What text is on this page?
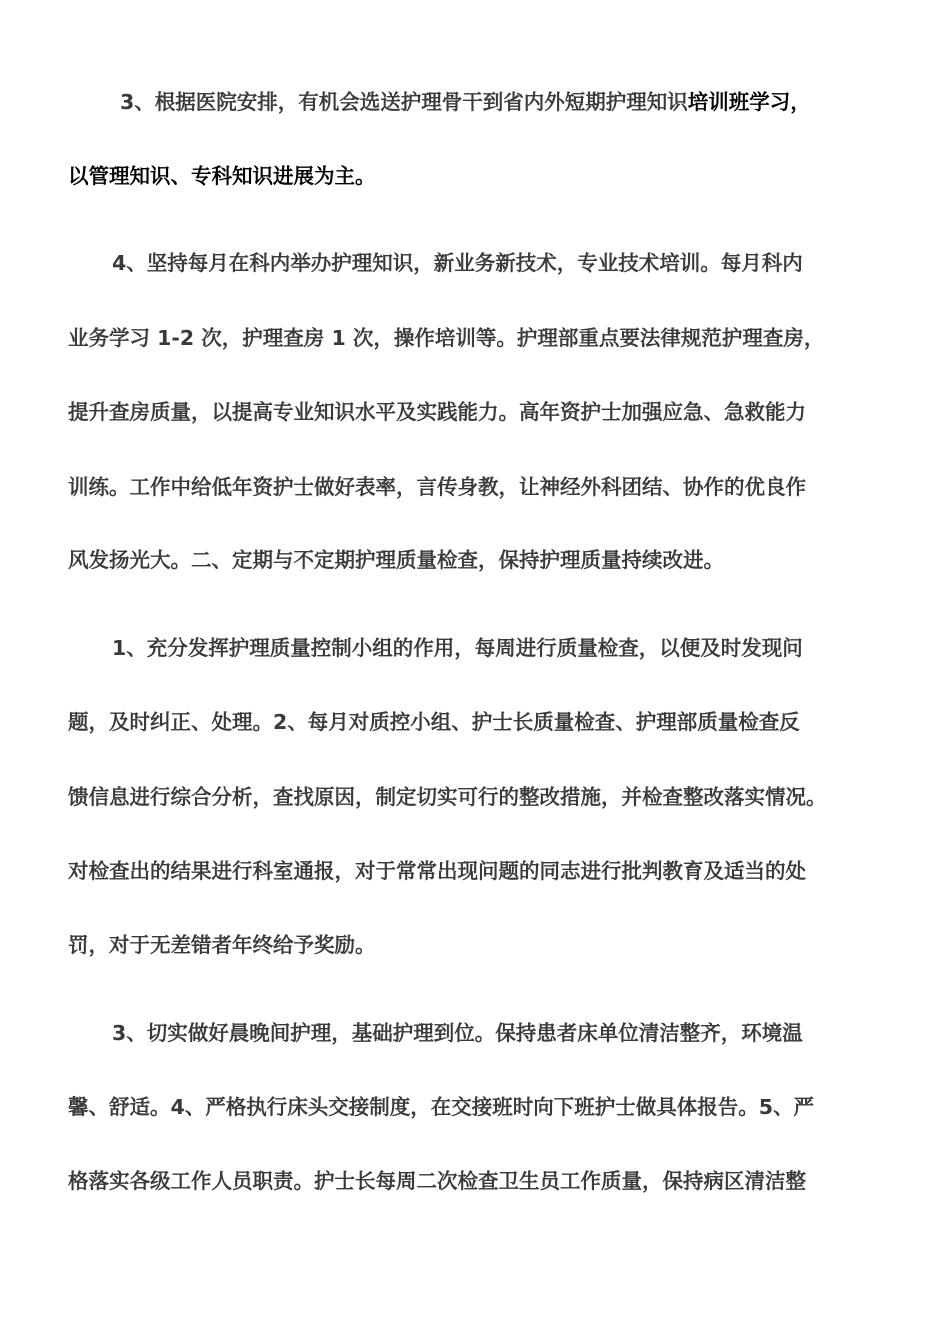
3、根据医院安排，有机会选送护理骨干到省内外短期护理知识培训班学习，
以管理知识、专科知识进展为主。
4、坚持每月在科内举办护理知识，新业务新技术，专业技术培训。每月科内
业务学习 1-2 次，护理查房 1 次，操作培训等。护理部重点要法律规范护理查房，
提升查房质量，以提高专业知识水平及实践能力。高年资护士加强应急、急救能力
训练。工作中给低年资护士做好表率，言传身教，让神经外科团结、协作的优良作
风发扬光大。二、定期与不定期护理质量检查，保持护理质量持续改进。
1、充分发挥护理质量控制小组的作用，每周进行质量检查，以便及时发现问
题，及时纠正、处理。2、每月对质控小组、护士长质量检查、护理部质量检查反
馈信息进行综合分析，查找原因，制定切实可行的整改措施，并检查整改落实情况。
对检查出的结果进行科室通报，对于常常出现问题的同志进行批判教育及适当的处
罚，对于无差错者年终给予奖励。
3、切实做好晨晚间护理，基础护理到位。保持患者床单位清洁整齐，环境温
馨、舒适。4、严格执行床头交接制度，在交接班时向下班护士做具体报告。5、严
格落实各级工作人员职责。护士长每周二次检查卫生员工作质量，保持病区清洁整
